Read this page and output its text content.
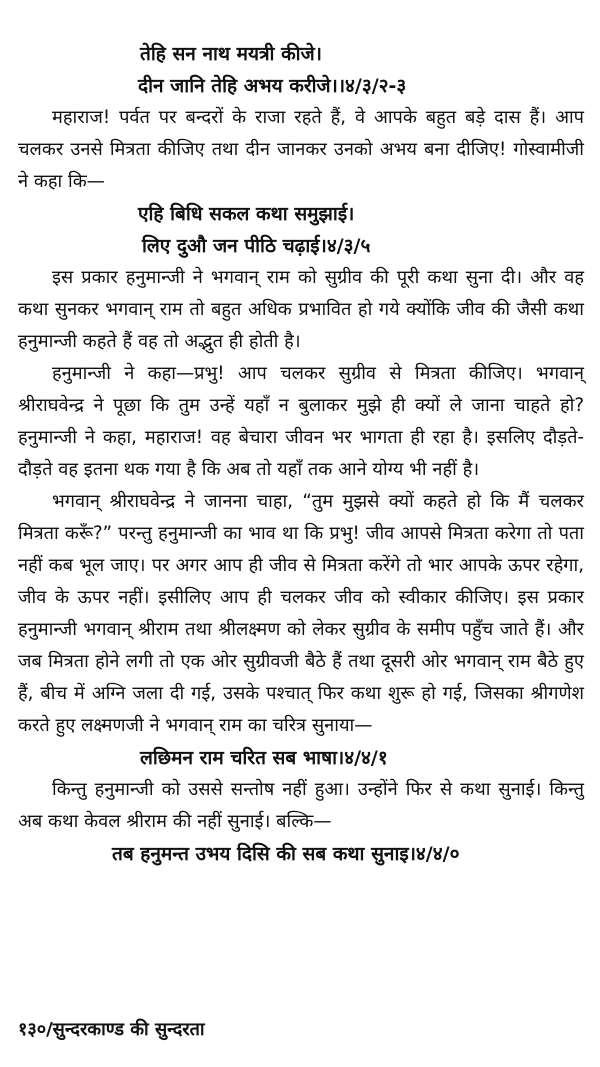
तेहि सन नाथ मयत्री कीजे।

दीन जानि तेहि अभय करीजे।।४/३/२-३

महाराज! पर्वत पर बन्दरों के राजा रहते हैं, वे आपके बहुत बड़े दास हैं। आप चलकर उनसे मित्रता कीजिए तथा दीन जानकर उनको अभय बना दीजिए! गोस्वामीजी ने कहा कि—

एहि बिधि सकल कथा समुझाई।

लिए दुऔ जन पीठि चढ़ाई।४/३/५

इस प्रकार हनुमान्जी ने भगवान् राम को सुग्रीव की पूरी कथा सुना दी। और वह कथा सुनकर भगवान् राम तो बहुत अधिक प्रभावित हो गये क्योंकि जीव की जैसी कथा हनुमान्जी कहते हैं वह तो अद्भुत ही होती है।

हनुमान्जी ने कहा—प्रभु! आप चलकर सुग्रीव से मित्रता कीजिए। भगवान् श्रीराघवेन्द्र ने पूछा कि तुम उन्हें यहाँ न बुलाकर मुझे ही क्यों ले जाना चाहते हो? हनुमान्जी ने कहा, महाराज! वह बेचारा जीवन भर भागता ही रहा है। इसलिए दौड़ते-दौड़ते वह इतना थक गया है कि अब तो यहाँ तक आने योग्य भी नहीं है।

भगवान् श्रीराघवेन्द्र ने जानना चाहा, “तुम मुझसे क्यों कहते हो कि मैं चलकर मित्रता करूँ?” परन्तु हनुमान्जी का भाव था कि प्रभु! जीव आपसे मित्रता करेगा तो पता नहीं कब भूल जाए। पर अगर आप ही जीव से मित्रता करेंगे तो भार आपके ऊपर रहेगा, जीव के ऊपर नहीं। इसीलिए आप ही चलकर जीव को स्वीकार कीजिए। इस प्रकार हनुमान्जी भगवान् श्रीराम तथा श्रीलक्ष्मण को लेकर सुग्रीव के समीप पहुँच जाते हैं। और जब मित्रता होने लगी तो एक ओर सुग्रीवजी बैठे हैं तथा दूसरी ओर भगवान् राम बैठे हुए हैं, बीच में अग्नि जला दी गई, उसके पश्चात् फिर कथा शुरू हो गई, जिसका श्रीगणेश करते हुए लक्ष्मणजी ने भगवान् राम का चरित्र सुनाया—

लछिमन राम चरित सब भाषा।४/४/१

किन्तु हनुमान्जी को उससे सन्तोष नहीं हुआ। उन्होंने फिर से कथा सुनाई। किन्तु अब कथा केवल श्रीराम की नहीं सुनाई। बल्कि—

तब हनुमन्त उभय दिसि की सब कथा सुनाइ।४/४/०

१३०/सुन्दरकाण्ड की सुन्दरता
